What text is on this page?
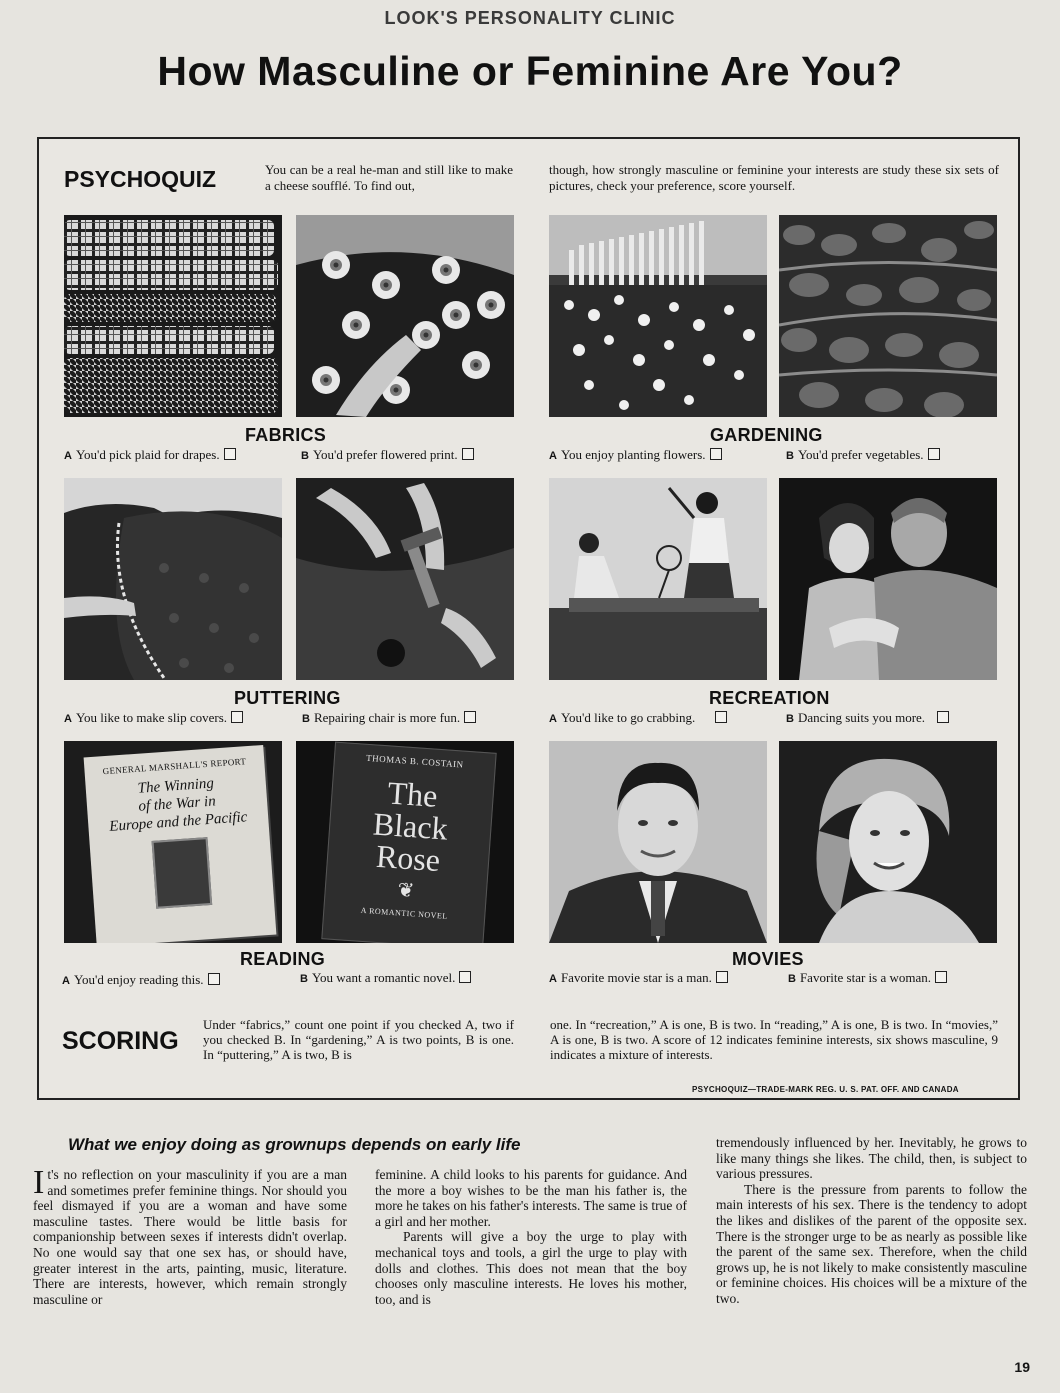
LOOK'S PERSONALITY CLINIC
How Masculine or Feminine Are You?
PSYCHOQUIZ	You can be a real he-man and still like to make a cheese soufflé. To find out,
though, how strongly masculine or feminine your interests are study these six sets of pictures, check your preference, score yourself.
FABRICS	GARDENING
A You'd pick plaid for drapes.	B You'd prefer flowered print.	A You enjoy planting flowers.	B You'd prefer vegetables.
PUTTERING	RECREATION
A You like to make slip covers.	B Repairing chair is more fun.	A You'd like to go crabbing.	B Dancing suits you more.
GENERAL MARSHALL'S REPORT
The Winning
of the War in
Europe and the Pacific
THOMAS B. COSTAIN
The
Black
Rose
❦
A ROMANTIC NOVEL
READING	MOVIES
A You'd enjoy reading this.	B You want a romantic novel.	A Favorite movie star is a man.	B Favorite star is a woman.
SCORING
Under “fabrics,” count one point if you checked A, two if you checked B. In “gardening,” A is two points, B is one. In “puttering,” A is two, B is
one. In “recreation,” A is one, B is two. In “reading,” A is one, B is two. In “movies,” A is one, B is two. A score of 12 indicates feminine interests, six shows masculine, 9 indicates a mixture of interests.
PSYCHOQUIZ—TRADE-MARK REG. U. S. PAT. OFF. AND CANADA
What we enjoy doing as grownups depends on early life

It's no reflection on your masculinity if you are a man and sometimes prefer feminine things. Nor should you feel dismayed if you are a woman and have some masculine tastes. There would be little basis for companionship between sexes if interests didn't overlap. No one would say that one sex has, or should have, greater interest in the arts, painting, music, literature. There are interests, however, which remain strongly masculine or

feminine. A child looks to his parents for guidance. And the more a boy wishes to be the man his father is, the more he takes on his father's interests. The same is true of a girl and her mother.

Parents will give a boy the urge to play with mechanical toys and tools, a girl the urge to play with dolls and clothes. This does not mean that the boy chooses only masculine interests. He loves his mother, too, and is

tremendously influenced by her. Inevitably, he grows to like many things she likes. The child, then, is subject to various pressures.

There is the pressure from parents to follow the main interests of his sex. There is the tendency to adopt the likes and dislikes of the parent of the opposite sex. There is the stronger urge to be as nearly as possible like the parent of the same sex. Therefore, when the child grows up, he is not likely to make consistently masculine or feminine choices. His choices will be a mixture of the two.

19
